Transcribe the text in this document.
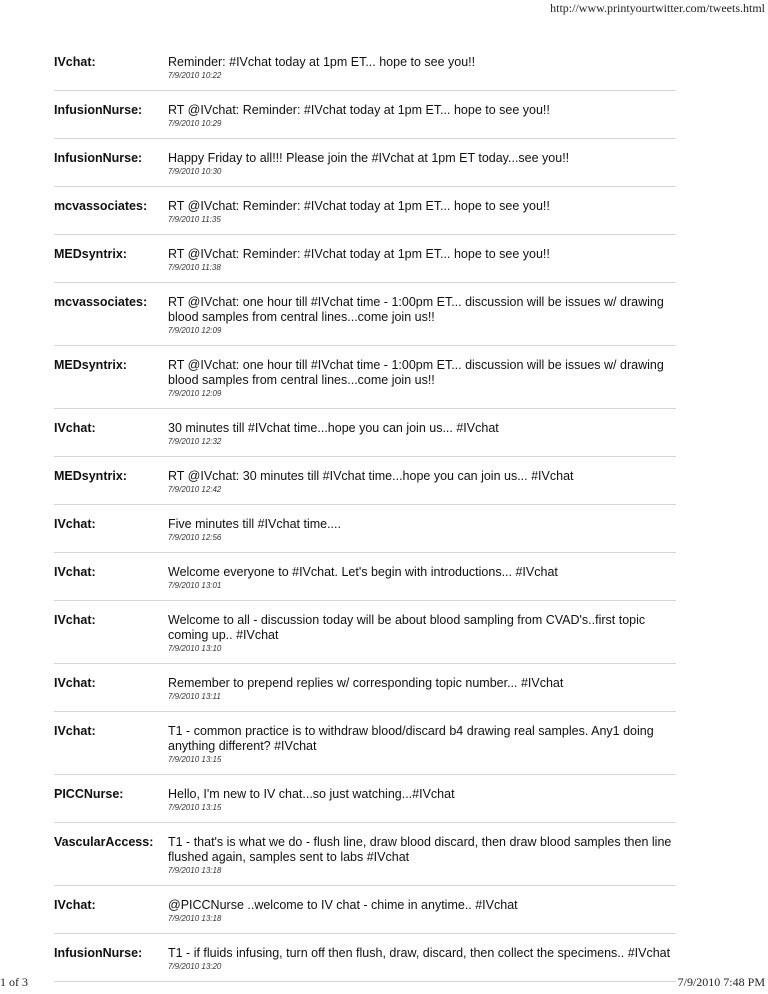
http://www.printyourtwitter.com/tweets.html
IVchat:	Reminder: #IVchat today at 1pm ET... hope to see you!!
7/9/2010 10:22
InfusionNurse:	RT @IVchat: Reminder: #IVchat today at 1pm ET... hope to see you!!
7/9/2010 10:29
InfusionNurse:	Happy Friday to all!!! Please join the #IVchat at 1pm ET today...see you!!
7/9/2010 10:30
mcvassociates:	RT @IVchat: Reminder: #IVchat today at 1pm ET... hope to see you!!
7/9/2010 11:35
MEDsyntrix:	RT @IVchat: Reminder: #IVchat today at 1pm ET... hope to see you!!
7/9/2010 11:38
mcvassociates:	RT @IVchat: one hour till #IVchat time - 1:00pm ET... discussion will be issues w/ drawing blood samples from central lines...come join us!!
7/9/2010 12:09
MEDsyntrix:	RT @IVchat: one hour till #IVchat time - 1:00pm ET... discussion will be issues w/ drawing blood samples from central lines...come join us!!
7/9/2010 12:09
IVchat:	30 minutes till #IVchat time...hope you can join us... #IVchat
7/9/2010 12:32
MEDsyntrix:	RT @IVchat: 30 minutes till #IVchat time...hope you can join us... #IVchat
7/9/2010 12:42
IVchat:	Five minutes till #IVchat time....
7/9/2010 12:56
IVchat:	Welcome everyone to #IVchat. Let's begin with introductions... #IVchat
7/9/2010 13:01
IVchat:	Welcome to all - discussion today will be about blood sampling from CVAD's..first topic coming up.. #IVchat
7/9/2010 13:10
IVchat:	Remember to prepend replies w/ corresponding topic number... #IVchat
7/9/2010 13:11
IVchat:	T1 - common practice is to withdraw blood/discard b4 drawing real samples. Any1 doing anything different? #IVchat
7/9/2010 13:15
PICCNurse:	Hello, I'm new to IV chat...so just watching...#IVchat
7/9/2010 13:15
VascularAccess:	T1 - that's is what we do - flush line, draw blood discard, then draw blood samples then line flushed again, samples sent to labs #IVchat
7/9/2010 13:18
IVchat:	@PICCNurse ..welcome to IV chat - chime in anytime.. #IVchat
7/9/2010 13:18
InfusionNurse:	T1 - if fluids infusing, turn off then flush, draw, discard, then collect the specimens.. #IVchat
7/9/2010 13:20
1 of 3	7/9/2010 7:48 PM
